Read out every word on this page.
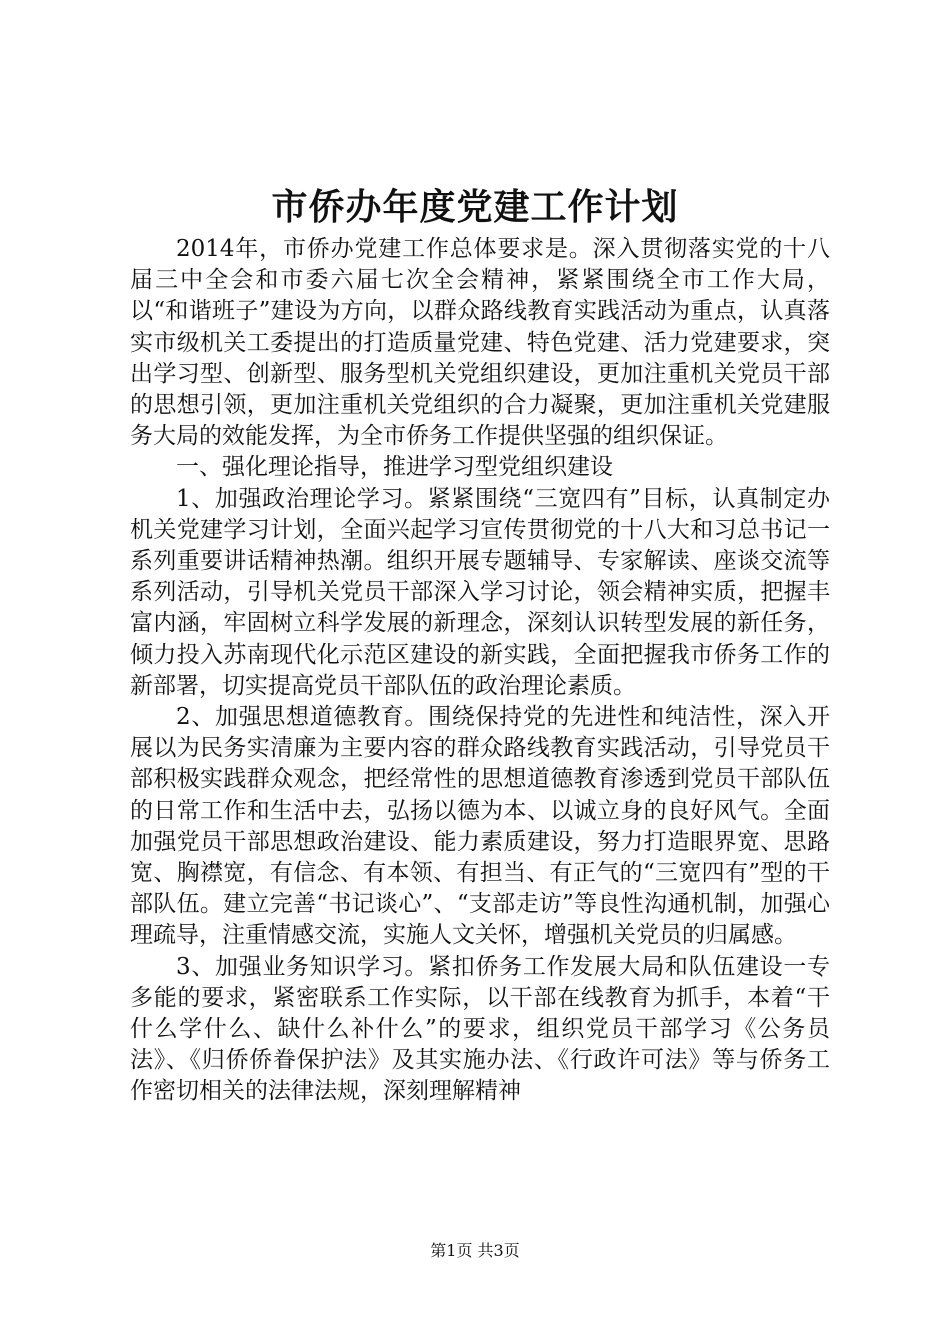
市侨办年度党建工作计划

2014年，市侨办党建工作总体要求是。深入贯彻落实党的十八届三中全会和市委六届七次全会精神，紧紧围绕全市工作大局，以“和谐班子”建设为方向，以群众路线教育实践活动为重点，认真落实市级机关工委提出的打造质量党建、特色党建、活力党建要求，突出学习型、创新型、服务型机关党组织建设，更加注重机关党员干部的思想引领，更加注重机关党组织的合力凝聚，更加注重机关党建服务大局的效能发挥，为全市侨务工作提供坚强的组织保证。

一、强化理论指导，推进学习型党组织建设

1、加强政治理论学习。紧紧围绕“三宽四有”目标，认真制定办机关党建学习计划，全面兴起学习宣传贯彻党的十八大和习总书记一系列重要讲话精神热潮。组织开展专题辅导、专家解读、座谈交流等系列活动，引导机关党员干部深入学习讨论，领会精神实质，把握丰富内涵，牢固树立科学发展的新理念，深刻认识转型发展的新任务，倾力投入苏南现代化示范区建设的新实践，全面把握我市侨务工作的新部署，切实提高党员干部队伍的政治理论素质。

2、加强思想道德教育。围绕保持党的先进性和纯洁性，深入开展以为民务实清廉为主要内容的群众路线教育实践活动，引导党员干部积极实践群众观念，把经常性的思想道德教育渗透到党员干部队伍的日常工作和生活中去，弘扬以德为本、以诚立身的良好风气。全面加强党员干部思想政治建设、能力素质建设，努力打造眼界宽、思路宽、胸襟宽，有信念、有本领、有担当、有正气的“三宽四有”型的干部队伍。建立完善“书记谈心”、“支部走访”等良性沟通机制，加强心理疏导，注重情感交流，实施人文关怀，增强机关党员的归属感。

3、加强业务知识学习。紧扣侨务工作发展大局和队伍建设一专多能的要求，紧密联系工作实际，以干部在线教育为抓手，本着“干什么学什么、缺什么补什么”的要求，组织党员干部学习《公务员法》、《归侨侨眷保护法》及其实施办法、《行政许可法》等与侨务工作密切相关的法律法规，深刻理解精神

第1页 共3页
